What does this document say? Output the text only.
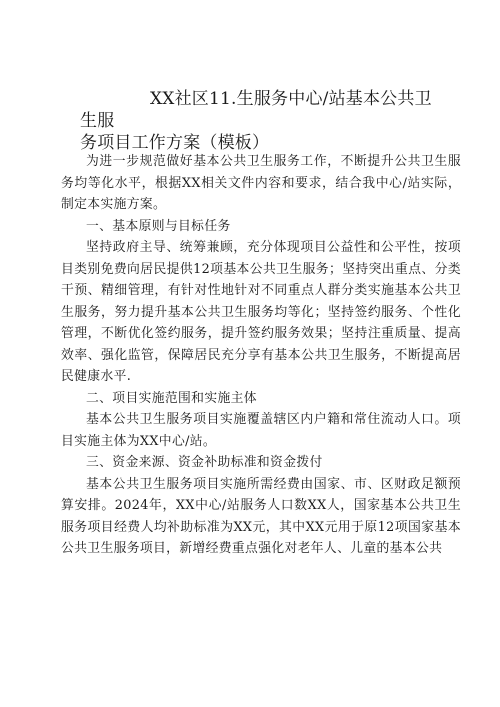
XX社区11.生服务中心/站基本公共卫生服
务项目工作方案（模板）

为进一步规范做好基本公共卫生服务工作，不断提升公共卫生服务均等化水平，根据XX相关文件内容和要求，结合我中心/站实际，制定本实施方案。

一、基本原则与目标任务

坚持政府主导、统筹兼顾，充分体现项目公益性和公平性，按项目类别免费向居民提供12项基本公共卫生服务；坚持突出重点、分类干预、精细管理，有针对性地针对不同重点人群分类实施基本公共卫生服务，努力提升基本公共卫生服务均等化；坚持签约服务、个性化管理，不断优化签约服务，提升签约服务效果；坚持注重质量、提高效率、强化监管，保障居民充分享有基本公共卫生服务，不断提高居民健康水平.

二、项目实施范围和实施主体

基本公共卫生服务项目实施覆盖辖区内户籍和常住流动人口。项目实施主体为XX中心/站。

三、资金来源、资金补助标准和资金拨付

基本公共卫生服务项目实施所需经费由国家、市、区财政足额预算安排。2024年，XX中心/站服务人口数XX人，国家基本公共卫生服务项目经费人均补助标准为XX元，其中XX元用于原12项国家基本公共卫生服务项目，新增经费重点强化对老年人、儿童的基本公共
